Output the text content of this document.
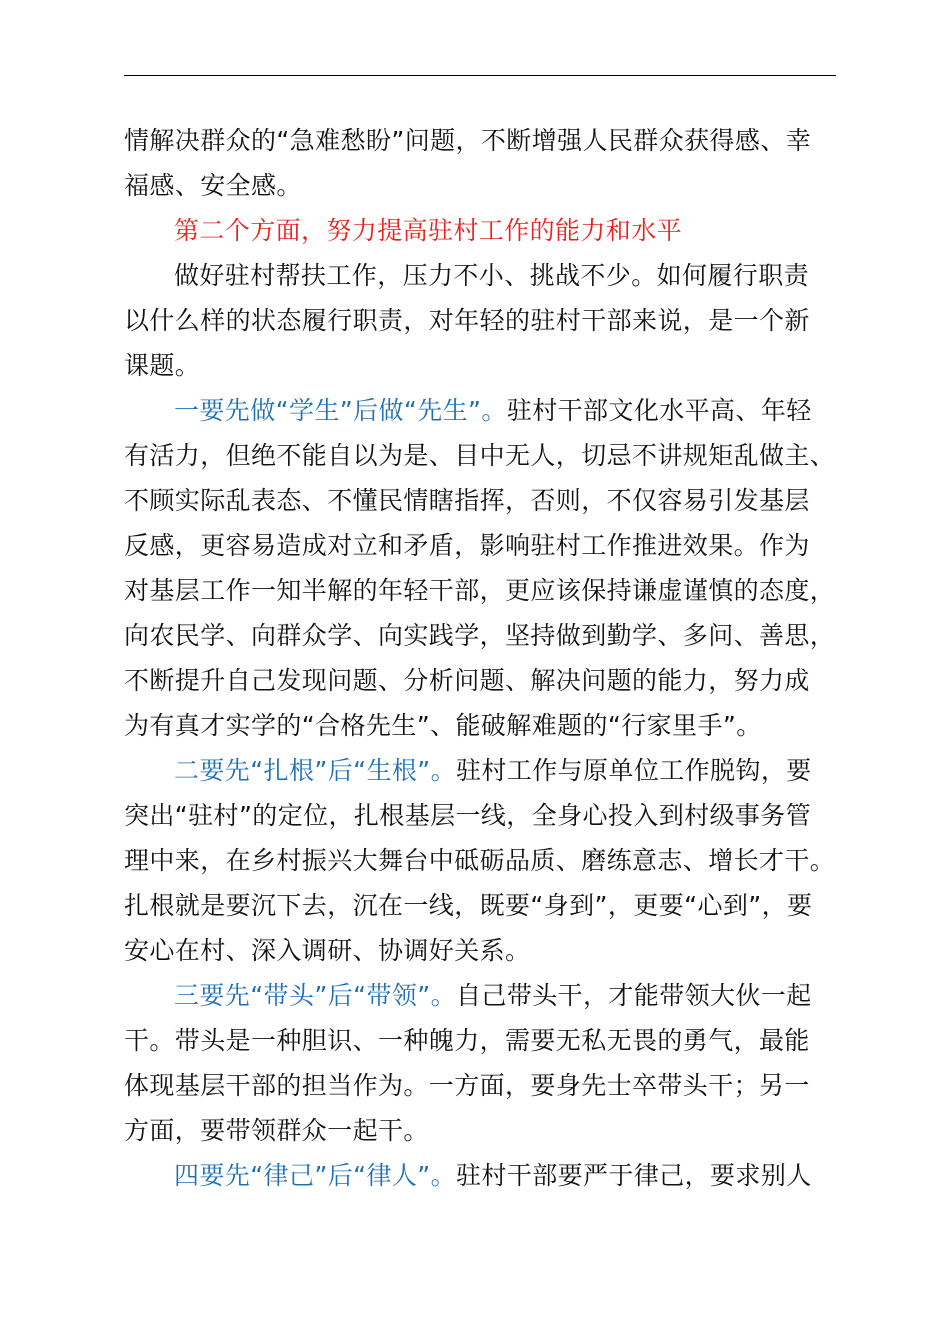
情解决群众的“急难愁盼”问题，不断增强人民群众获得感、幸
福感、安全感。
第二个方面，努力提高驻村工作的能力和水平
做好驻村帮扶工作，压力不小、挑战不少。如何履行职责
以什么样的状态履行职责，对年轻的驻村干部来说，是一个新
课题。
一要先做“学生”后做“先生”。驻村干部文化水平高、年轻
有活力，但绝不能自以为是、目中无人，切忌不讲规矩乱做主、
不顾实际乱表态、不懂民情瞎指挥，否则，不仅容易引发基层
反感，更容易造成对立和矛盾，影响驻村工作推进效果。作为
对基层工作一知半解的年轻干部，更应该保持谦虚谨慎的态度，
向农民学、向群众学、向实践学，坚持做到勤学、多问、善思，
不断提升自己发现问题、分析问题、解决问题的能力，努力成
为有真才实学的“合格先生”、能破解难题的“行家里手”。
二要先“扎根”后“生根”。驻村工作与原单位工作脱钩，要
突出“驻村”的定位，扎根基层一线，全身心投入到村级事务管
理中来，在乡村振兴大舞台中砥砺品质、磨练意志、增长才干。
扎根就是要沉下去，沉在一线，既要“身到”，更要“心到”，要
安心在村、深入调研、协调好关系。
三要先“带头”后“带领”。自己带头干，才能带领大伙一起
干。带头是一种胆识、一种魄力，需要无私无畏的勇气，最能
体现基层干部的担当作为。一方面，要身先士卒带头干；另一
方面，要带领群众一起干。
四要先“律己”后“律人”。驻村干部要严于律己，要求别人
